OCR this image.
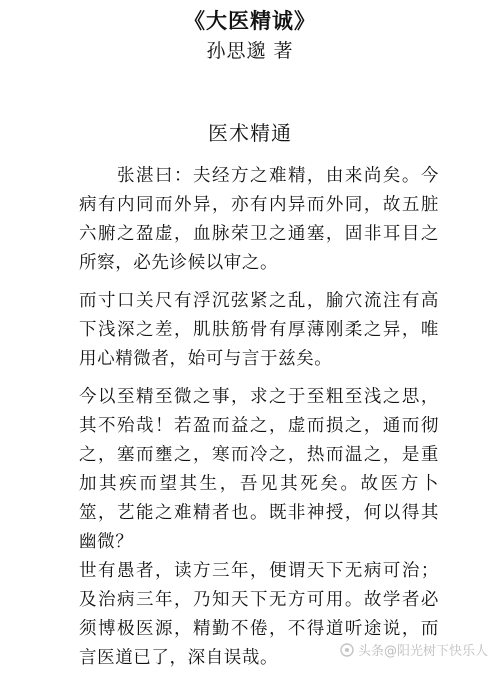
《大医精诚》
孙思邈 著
医术精通

张湛曰：夫经方之难精，由来尚矣。今病有内同而外异，亦有内异而外同，故五脏六腑之盈虚，血脉荣卫之通塞，固非耳目之所察，必先诊候以审之。

而寸口关尺有浮沉弦紧之乱，腧穴流注有高下浅深之差，肌肤筋骨有厚薄刚柔之异，唯用心精微者，始可与言于兹矣。

今以至精至微之事，求之于至粗至浅之思，其不殆哉！若盈而益之，虚而损之，通而彻之，塞而壅之，寒而冷之，热而温之，是重加其疾而望其生，吾见其死矣。故医方卜筮，艺能之难精者也。既非神授，何以得其幽微？

世有愚者，读方三年，便谓天下无病可治；及治病三年，乃知天下无方可用。故学者必须博极医源，精勤不倦，不得道听途说，而言医道已了，深自误哉。	头条@阳光树下快乐人
